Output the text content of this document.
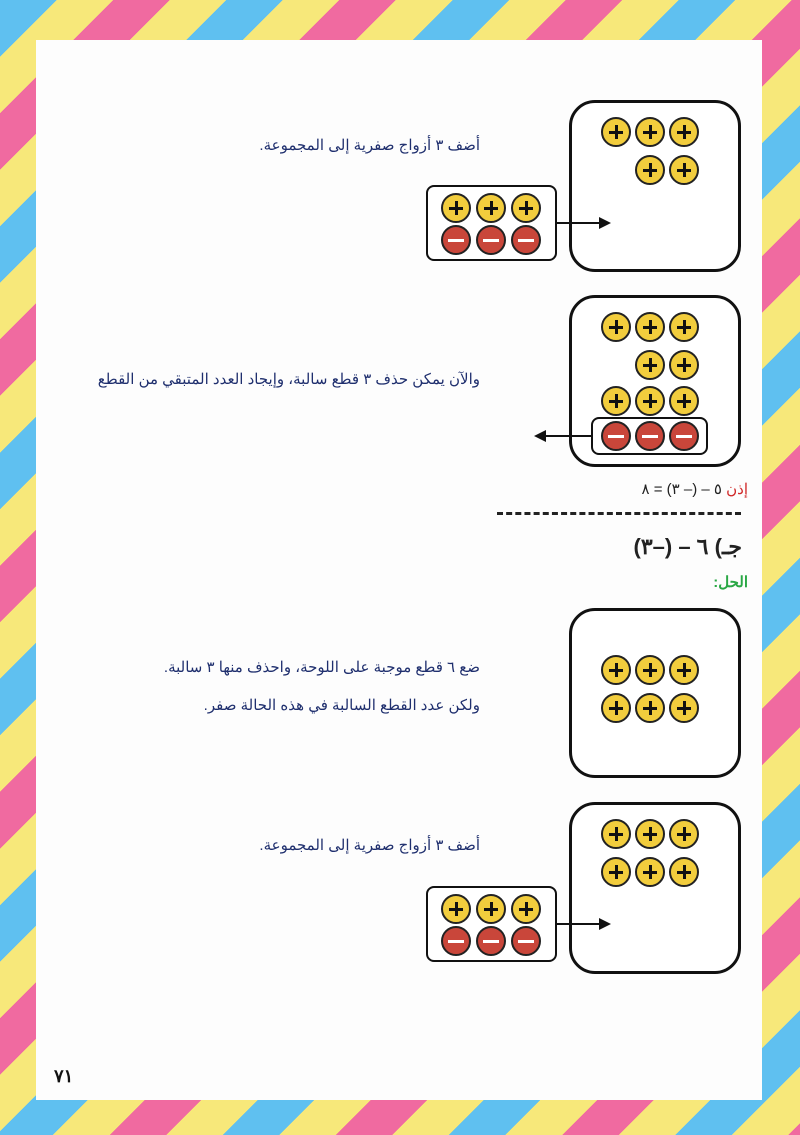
أضف ٣ أزواج صفرية إلى المجموعة.
والآن يمكن حذف ٣ قطع سالبة، وإيجاد العدد المتبقي من القطع
إذن ٥ – (– ٣) = ٨
جـ) ٦ – (–٣)
الحل:
ضع ٦ قطع موجبة على اللوحة، واحذف منها ٣ سالبة.
ولكن عدد القطع السالبة في هذه الحالة صفر.
أضف ٣ أزواج صفرية إلى المجموعة.
٧١
